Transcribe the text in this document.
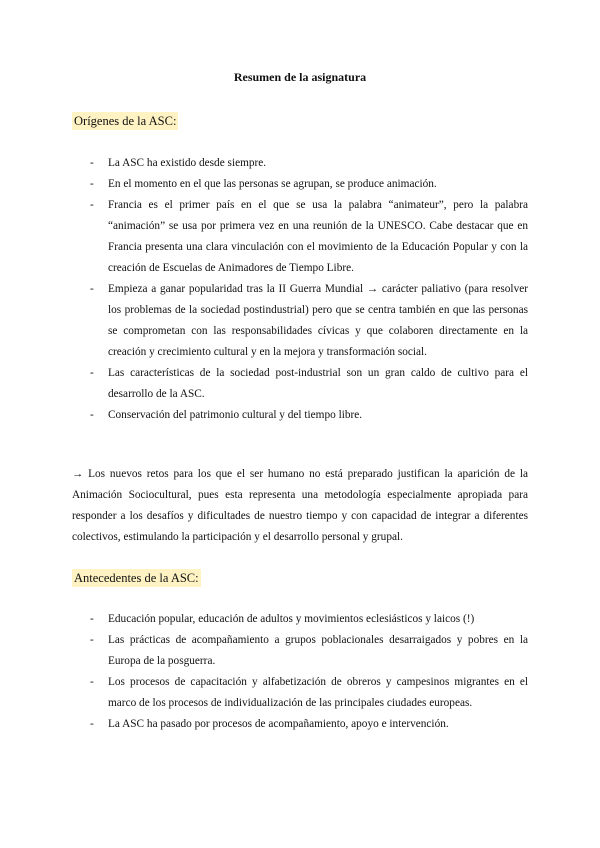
Resumen de la asignatura
Orígenes de la ASC:
- La ASC ha existido desde siempre.
- En el momento en el que las personas se agrupan, se produce animación.
- Francia es el primer país en el que se usa la palabra “animateur”, pero la palabra “animación” se usa por primera vez en una reunión de la UNESCO. Cabe destacar que en Francia presenta una clara vinculación con el movimiento de la Educación Popular y con la creación de Escuelas de Animadores de Tiempo Libre.
- Empieza a ganar popularidad tras la II Guerra Mundial → carácter paliativo (para resolver los problemas de la sociedad postindustrial) pero que se centra también en que las personas se comprometan con las responsabilidades cívicas y que colaboren directamente en la creación y crecimiento cultural y en la mejora y transformación social.
- Las características de la sociedad post-industrial son un gran caldo de cultivo para el desarrollo de la ASC.
- Conservación del patrimonio cultural y del tiempo libre.

→ Los nuevos retos para los que el ser humano no está preparado justifican la aparición de la Animación Sociocultural, pues esta representa una metodología especialmente apropiada para responder a los desafíos y dificultades de nuestro tiempo y con capacidad de integrar a diferentes colectivos, estimulando la participación y el desarrollo personal y grupal.

Antecedentes de la ASC:
- Educación popular, educación de adultos y movimientos eclesiásticos y laicos (!)
- Las prácticas de acompañamiento a grupos poblacionales desarraigados y pobres en la Europa de la posguerra.
- Los procesos de capacitación y alfabetización de obreros y campesinos migrantes en el marco de los procesos de individualización de las principales ciudades europeas.
- La ASC ha pasado por procesos de acompañamiento, apoyo e intervención.
